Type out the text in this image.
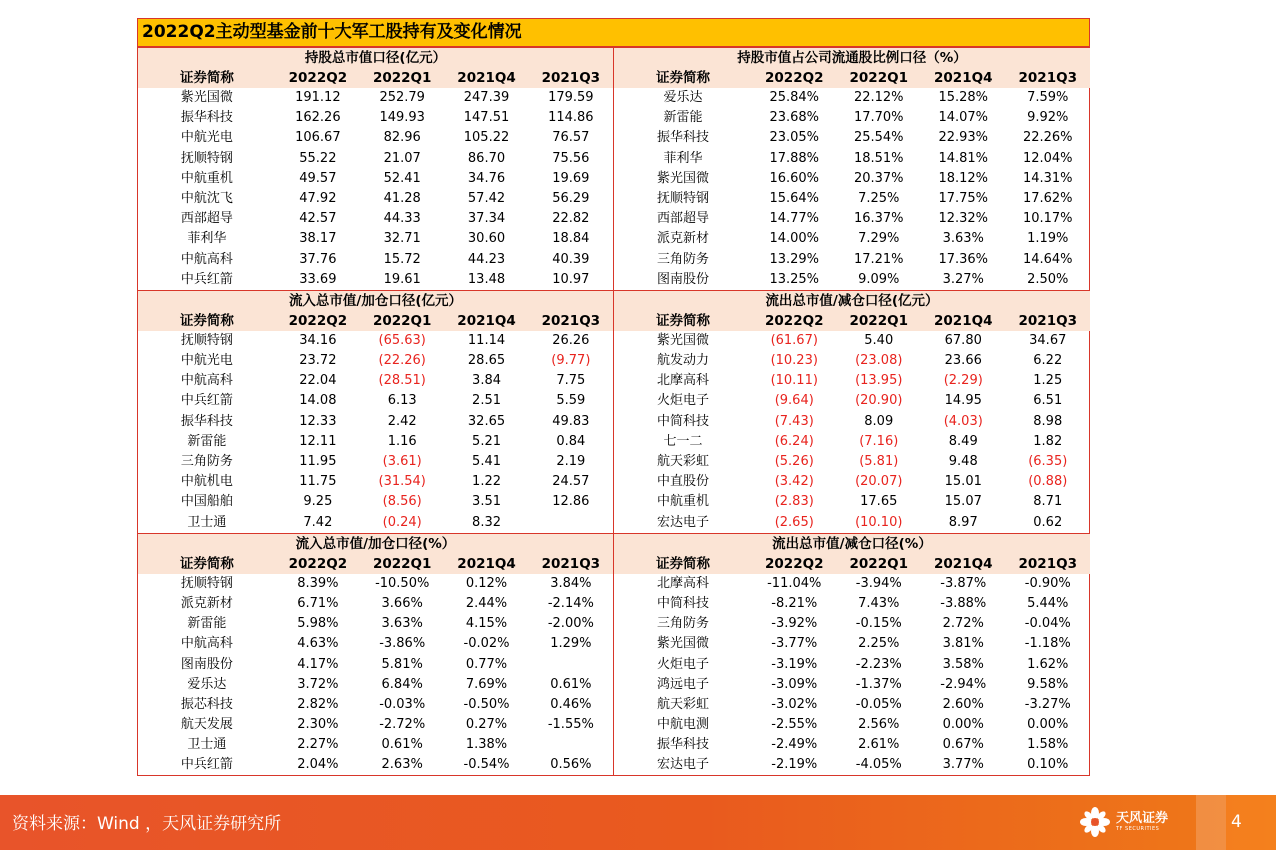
2022Q2主动型基金前十大军工股持有及变化情况
持股总市值口径(亿元）
证券简称	2022Q2	2022Q1	2021Q4	2021Q3
紫光国微	191.12	252.79	247.39	179.59
振华科技	162.26	149.93	147.51	114.86
中航光电	106.67	82.96	105.22	76.57
抚顺特钢	55.22	21.07	86.70	75.56
中航重机	49.57	52.41	34.76	19.69
中航沈飞	47.92	41.28	57.42	56.29
西部超导	42.57	44.33	37.34	22.82
菲利华	38.17	32.71	30.60	18.84
中航高科	37.76	15.72	44.23	40.39
中兵红箭	33.69	19.61	13.48	10.97
持股市值占公司流通股比例口径（%）
证券简称	2022Q2	2022Q1	2021Q4	2021Q3
爱乐达	25.84%	22.12%	15.28%	7.59%
新雷能	23.68%	17.70%	14.07%	9.92%
振华科技	23.05%	25.54%	22.93%	22.26%
菲利华	17.88%	18.51%	14.81%	12.04%
紫光国微	16.60%	20.37%	18.12%	14.31%
抚顺特钢	15.64%	7.25%	17.75%	17.62%
西部超导	14.77%	16.37%	12.32%	10.17%
派克新材	14.00%	7.29%	3.63%	1.19%
三角防务	13.29%	17.21%	17.36%	14.64%
图南股份	13.25%	9.09%	3.27%	2.50%
流入总市值/加仓口径(亿元）
证券简称	2022Q2	2022Q1	2021Q4	2021Q3
抚顺特钢	34.16	(65.63)	11.14	26.26
中航光电	23.72	(22.26)	28.65	(9.77)
中航高科	22.04	(28.51)	3.84	7.75
中兵红箭	14.08	6.13	2.51	5.59
振华科技	12.33	2.42	32.65	49.83
新雷能	12.11	1.16	5.21	0.84
三角防务	11.95	(3.61)	5.41	2.19
中航机电	11.75	(31.54)	1.22	24.57
中国船舶	9.25	(8.56)	3.51	12.86
卫士通	7.42	(0.24)	8.32
流出总市值/减仓口径(亿元）
证券简称	2022Q2	2022Q1	2021Q4	2021Q3
紫光国微	(61.67)	5.40	67.80	34.67
航发动力	(10.23)	(23.08)	23.66	6.22
北摩高科	(10.11)	(13.95)	(2.29)	1.25
火炬电子	(9.64)	(20.90)	14.95	6.51
中简科技	(7.43)	8.09	(4.03)	8.98
七一二	(6.24)	(7.16)	8.49	1.82
航天彩虹	(5.26)	(5.81)	9.48	(6.35)
中直股份	(3.42)	(20.07)	15.01	(0.88)
中航重机	(2.83)	17.65	15.07	8.71
宏达电子	(2.65)	(10.10)	8.97	0.62
流入总市值/加仓口径(%）
证券简称	2022Q2	2022Q1	2021Q4	2021Q3
抚顺特钢	8.39%	-10.50%	0.12%	3.84%
派克新材	6.71%	3.66%	2.44%	-2.14%
新雷能	5.98%	3.63%	4.15%	-2.00%
中航高科	4.63%	-3.86%	-0.02%	1.29%
图南股份	4.17%	5.81%	0.77%
爱乐达	3.72%	6.84%	7.69%	0.61%
振芯科技	2.82%	-0.03%	-0.50%	0.46%
航天发展	2.30%	-2.72%	0.27%	-1.55%
卫士通	2.27%	0.61%	1.38%
中兵红箭	2.04%	2.63%	-0.54%	0.56%
流出总市值/减仓口径(%）
证券简称	2022Q2	2022Q1	2021Q4	2021Q3
北摩高科	-11.04%	-3.94%	-3.87%	-0.90%
中简科技	-8.21%	7.43%	-3.88%	5.44%
三角防务	-3.92%	-0.15%	2.72%	-0.04%
紫光国微	-3.77%	2.25%	3.81%	-1.18%
火炬电子	-3.19%	-2.23%	3.58%	1.62%
鸿远电子	-3.09%	-1.37%	-2.94%	9.58%
航天彩虹	-3.02%	-0.05%	2.60%	-3.27%
中航电测	-2.55%	2.56%	0.00%	0.00%
振华科技	-2.49%	2.61%	0.67%	1.58%
宏达电子	-2.19%	-4.05%	3.77%	0.10%
资料来源：Wind ，天风证券研究所	天风证券
TF SECURITIES	4
